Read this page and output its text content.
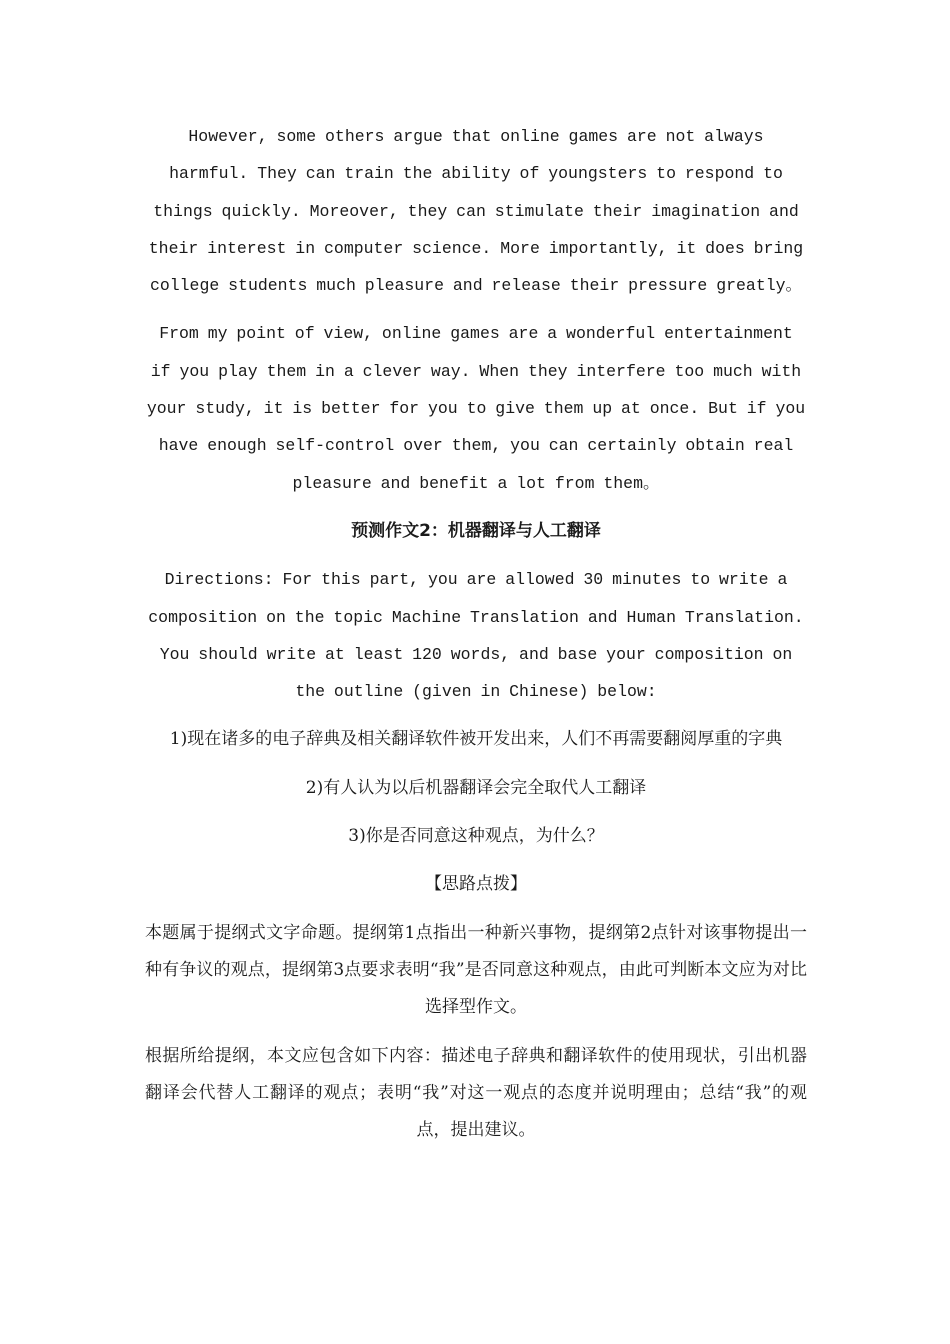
However, some others argue that online games are not always harmful. They can train the ability of youngsters to respond to things quickly. Moreover, they can stimulate their imagination and their interest in computer science. More importantly, it does bring college students much pleasure and release their pressure greatly。

From my point of view, online games are a wonderful entertainment if you play them in a clever way. When they interfere too much with your study, it is better for you to give them up at once. But if you have enough self-control over them, you can certainly obtain real pleasure and benefit a lot from them。

预测作文2：机器翻译与人工翻译

Directions: For this part, you are allowed 30 minutes to write a composition on the topic Machine Translation and Human Translation. You should write at least 120 words, and base your composition on the outline (given in Chinese) below:

1)现在诸多的电子辞典及相关翻译软件被开发出来，人们不再需要翻阅厚重的字典

2)有人认为以后机器翻译会完全取代人工翻译

3)你是否同意这种观点，为什么？

【思路点拨】

本题属于提纲式文字命题。提纲第1点指出一种新兴事物，提纲第2点针对该事物提出一种有争议的观点，提纲第3点要求表明“我”是否同意这种观点，由此可判断本文应为对比选择型作文。

根据所给提纲，本文应包含如下内容：描述电子辞典和翻译软件的使用现状，引出机器翻译会代替人工翻译的观点；表明“我”对这一观点的态度并说明理由；总结“我”的观点，提出建议。
